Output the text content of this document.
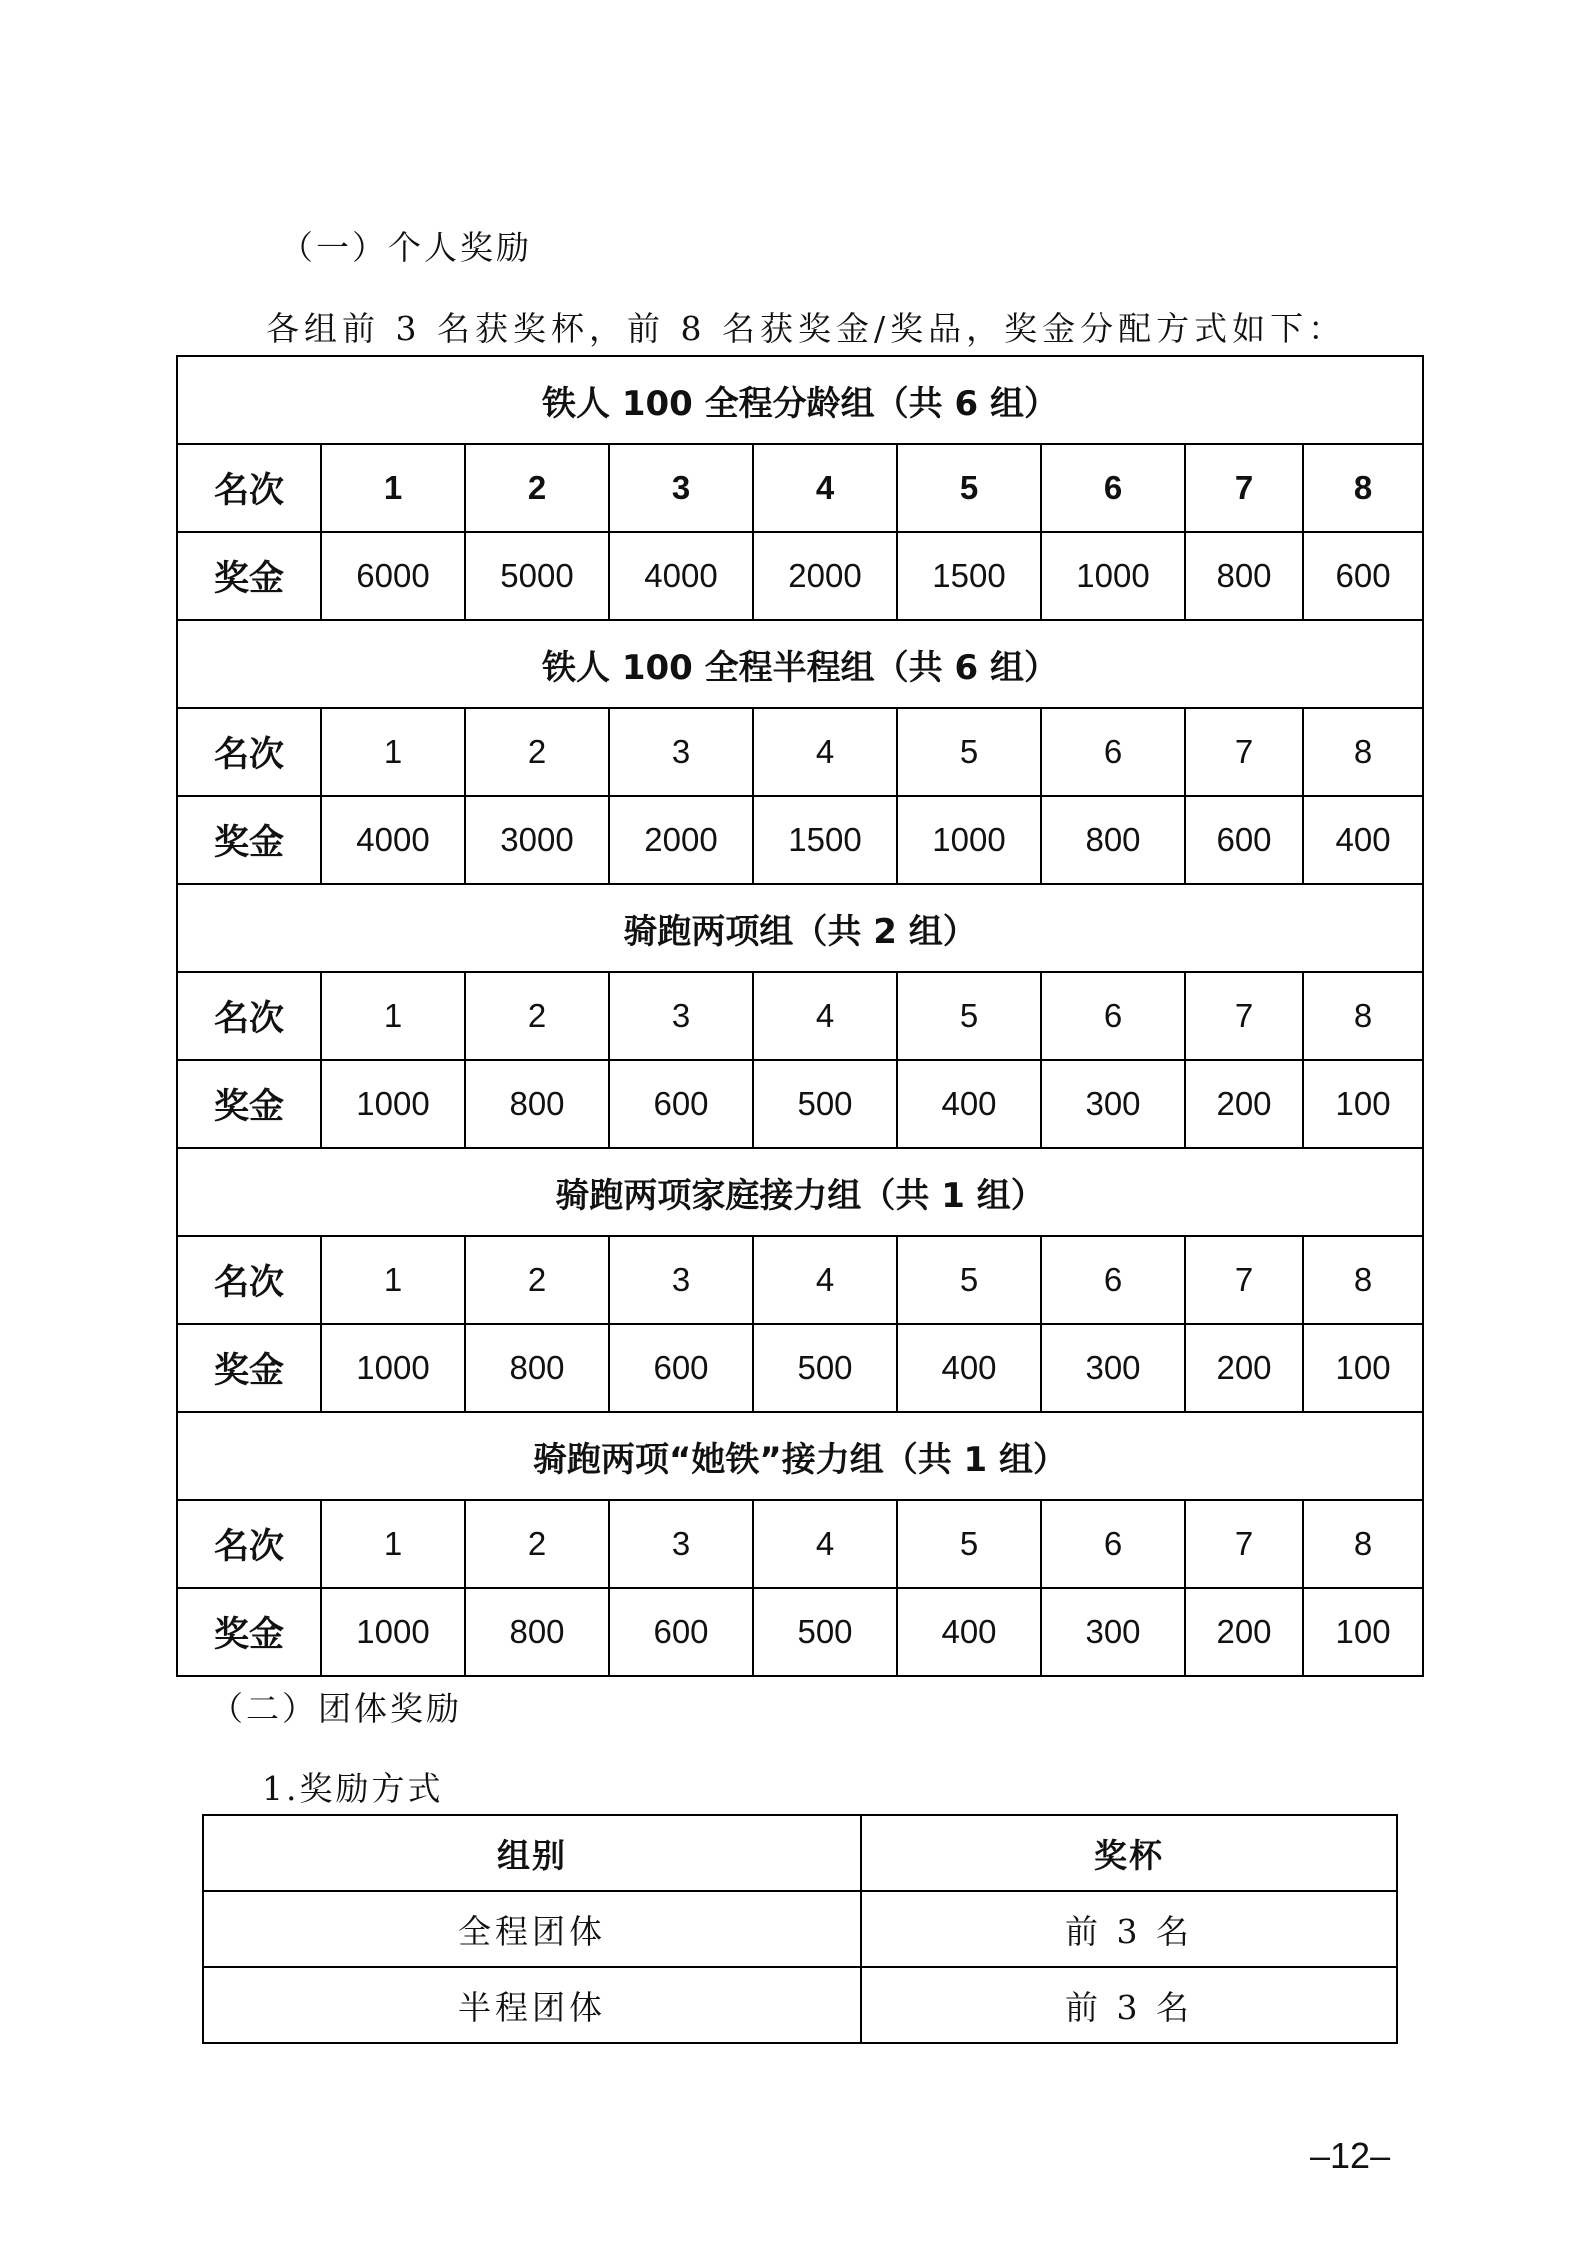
（一）个人奖励
各组前 3 名获奖杯，前 8 名获奖金/奖品，奖金分配方式如下：
铁人 100 全程分龄组（共 6 组）								
名次	1	2	3	4	5	6	7	8
奖金	6000	5000	4000	2000	1500	1000	800	600
铁人 100 全程半程组（共 6 组）								
名次	1	2	3	4	5	6	7	8
奖金	4000	3000	2000	1500	1000	800	600	400
骑跑两项组（共 2 组）								
名次	1	2	3	4	5	6	7	8
奖金	1000	800	600	500	400	300	200	100
骑跑两项家庭接力组（共 1 组）								
名次	1	2	3	4	5	6	7	8
奖金	1000	800	600	500	400	300	200	100
骑跑两项“她铁”接力组（共 1 组）								
名次	1	2	3	4	5	6	7	8
奖金	1000	800	600	500	400	300	200	100
（二）团体奖励
1.奖励方式
组别	奖杯
全程团体	前 3 名
半程团体	前 3 名
–12–
